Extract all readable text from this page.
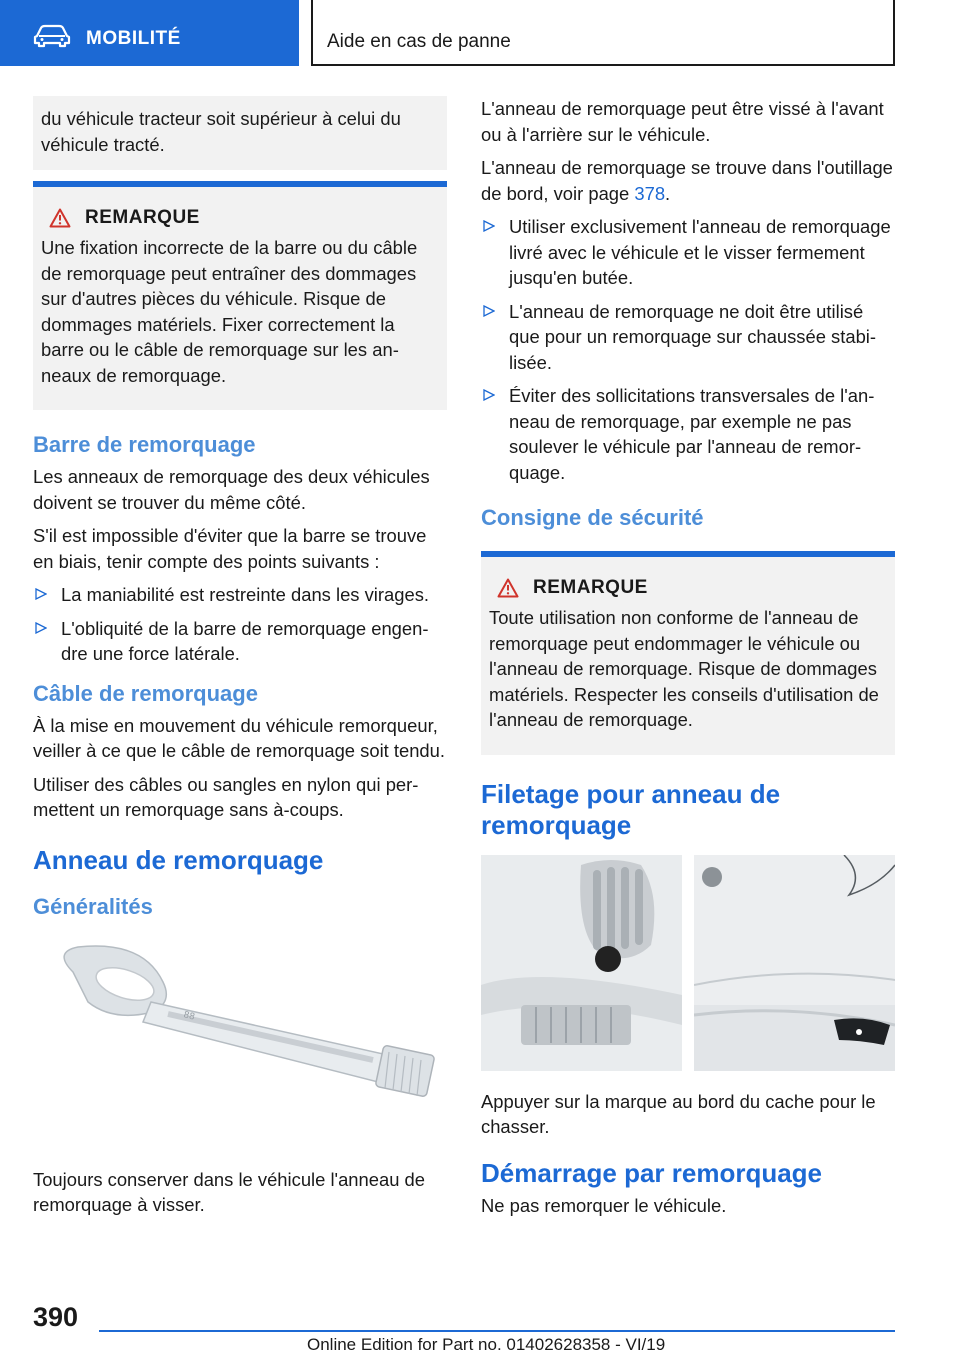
MOBILITÉ	Aide en cas de panne

du véhicule tracteur soit supérieur à celui du véhicule tracté.

REMARQUE

Une fixation incorrecte de la barre ou du câble de remorquage peut entraîner des dommages sur d'autres pièces du véhicule. Risque de dommages matériels. Fixer correctement la barre ou le câble de remorquage sur les anneaux de remorquage.

Barre de remorquage

Les anneaux de remorquage des deux véhicules doivent se trouver du même côté.

S'il est impossible d'éviter que la barre se trouve en biais, tenir compte des points suivants :

La maniabilité est restreinte dans les virages.
L'obliquité de la barre de remorquage engendre une force latérale.
Câble de remorquage

À la mise en mouvement du véhicule remorqueur, veiller à ce que le câble de remorquage soit tendu.

Utiliser des câbles ou sangles en nylon qui permettent un remorquage sans à-coups.

Anneau de remorquage
Généralités
88

Toujours conserver dans le véhicule l'anneau de remorquage à visser.

L'anneau de remorquage peut être vissé à l'avant ou à l'arrière sur le véhicule.

L'anneau de remorquage se trouve dans l'outillage de bord, voir page 378.

Utiliser exclusivement l'anneau de remorquage livré avec le véhicule et le visser fermement jusqu'en butée.
L'anneau de remorquage ne doit être utilisé que pour un remorquage sur chaussée stabilisée.
Éviter des sollicitations transversales de l'anneau de remorquage, par exemple ne pas soulever le véhicule par l'anneau de remorquage.
Consigne de sécurité
REMARQUE

Toute utilisation non conforme de l'anneau de remorquage peut endommager le véhicule ou l'anneau de remorquage. Risque de dommages matériels. Respecter les conseils d'utilisation de l'anneau de remorquage.

Filetage pour anneau de remorquage

Appuyer sur la marque au bord du cache pour le chasser.

Démarrage par remorquage

Ne pas remorquer le véhicule.

390
Online Edition for Part no. 01402628358 - VI/19
